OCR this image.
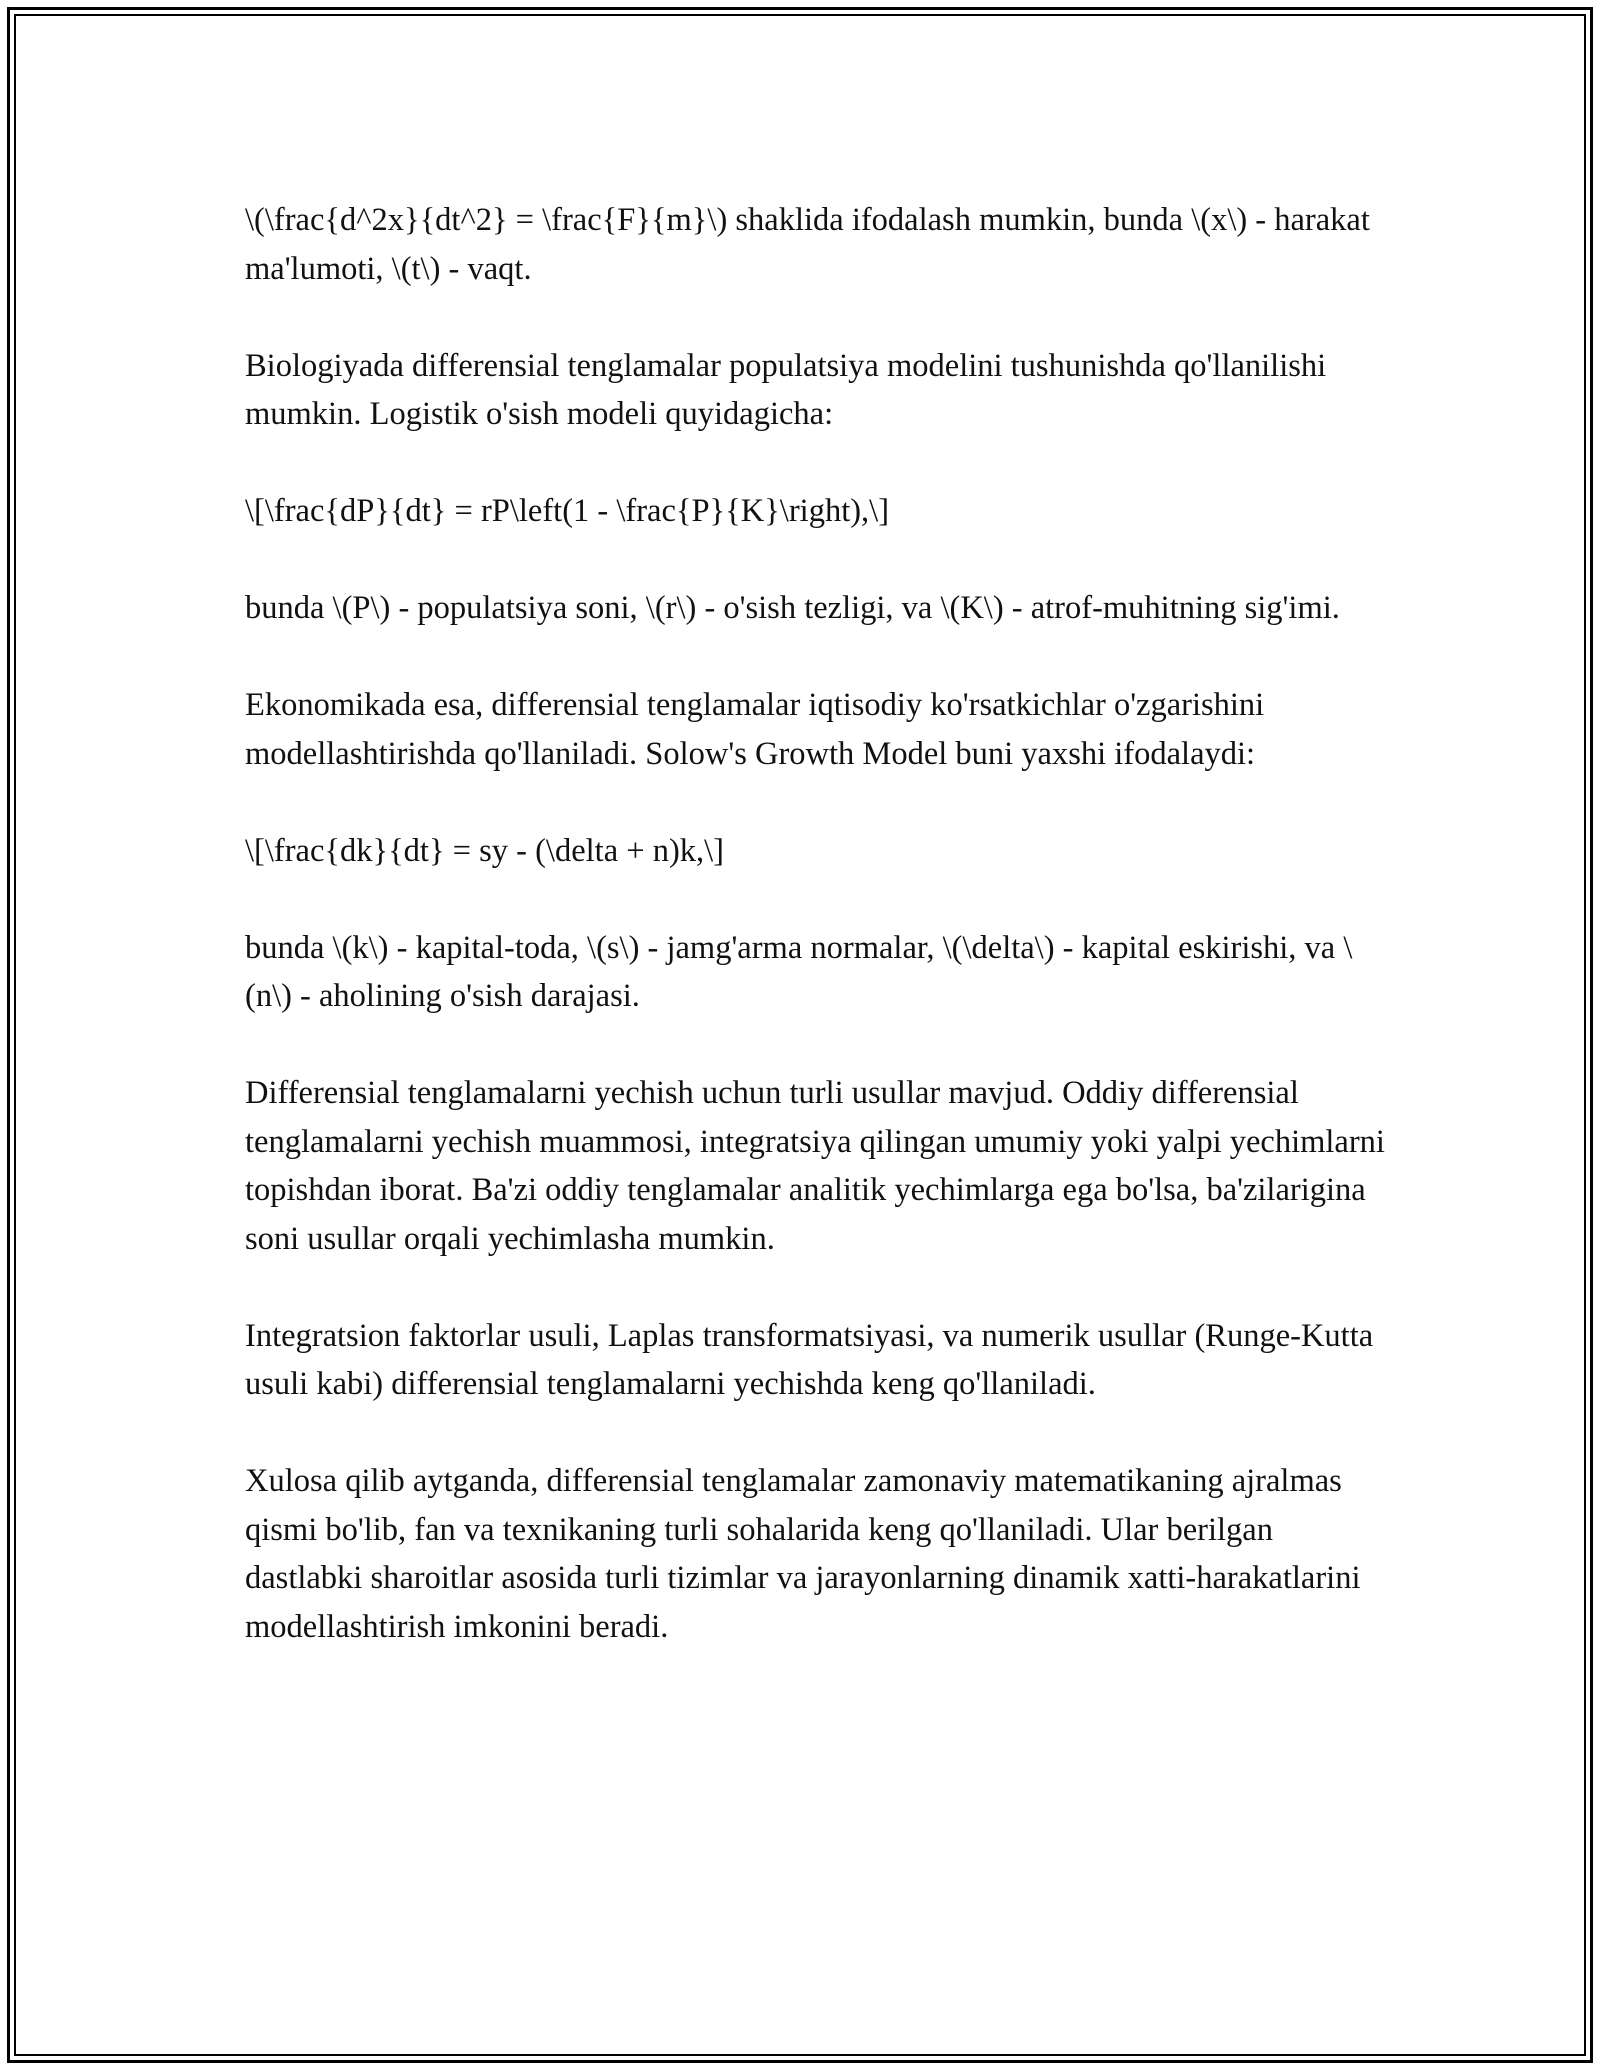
\(\frac{d^2x}{dt^2} = \frac{F}{m}\) shaklida ifodalash mumkin, bunda \(x\) - harakat ma'lumoti, \(t\) - vaqt.

Biologiyada differensial tenglamalar populatsiya modelini tushunishda qo'llanilishi mumkin. Logistik o'sish modeli quyidagicha:

\[\frac{dP}{dt} = rP\left(1 - \frac{P}{K}\right),\]

bunda \(P\) - populatsiya soni, \(r\) - o'sish tezligi, va \(K\) - atrof-muhitning sig'imi.

Ekonomikada esa, differensial tenglamalar iqtisodiy ko'rsatkichlar o'zgarishini modellashtirishda qo'llaniladi. Solow's Growth Model buni yaxshi ifodalaydi:

\[\frac{dk}{dt} = sy - (\delta + n)k,\]

bunda \(k\) - kapital-toda, \(s\) - jamg'arma normalar, \(\delta\) - kapital eskirishi, va \(n\) - aholining o'sish darajasi.

Differensial tenglamalarni yechish uchun turli usullar mavjud. Oddiy differensial tenglamalarni yechish muammosi, integratsiya qilingan umumiy yoki yalpi yechimlarni topishdan iborat. Ba'zi oddiy tenglamalar analitik yechimlarga ega bo'lsa, ba'zilarigina soni usullar orqali yechimlasha mumkin.

Integratsion faktorlar usuli, Laplas transformatsiyasi, va numerik usullar (Runge-Kutta usuli kabi) differensial tenglamalarni yechishda keng qo'llaniladi.

Xulosa qilib aytganda, differensial tenglamalar zamonaviy matematikaning ajralmas qismi bo'lib, fan va texnikaning turli sohalarida keng qo'llaniladi. Ular berilgan dastlabki sharoitlar asosida turli tizimlar va jarayonlarning dinamik xatti-harakatlarini modellashtirish imkonini beradi.
